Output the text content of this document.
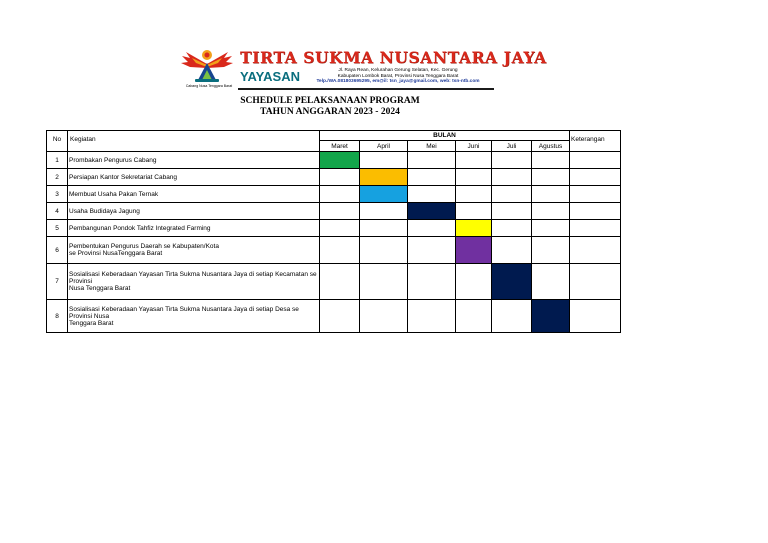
Cabang Nusa Tenggara Barat
TIRTA SUKMA NUSANTARA JAYA
YAYASAN	Jl. Raya Rean, Kelurahan Gerung Selatan, Kec. Gerung
Kabupaten Lombok Barat, Provinsi Nusa Tenggara Barat
Telp./WA.081803695295, em@il: tsn_jaya@gmail.com, web: tsn-ntb.com
SCHEDULE PELAKSANAAN PROGRAM
TAHUN ANGGARAN 2023 - 2024
No	Kegiatan	BULAN						Keterangan

		Maret	April	Mei	Juni	Juli	Agustus	
1	Prombakan Pengurus Cabang							
2	Persiapan Kantor Sekretariat Cabang							
3	Membuat Usaha Pakan Ternak							
4	Usaha Budidaya Jagung							
5	Pembangunan Pondok Tahfiz Integrated Farming							
6	Pembentukan Pengurus Daerah se Kabupaten/Kota
se Provinsi NusaTenggara Barat							

7	Sosialisasi Keberadaan Yayasan Tirta Sukma Nusantara Jaya di setiap Kecamatan se
Provinsi
Nusa Tenggara Barat							

8	Sosialisasi Keberadaan Yayasan Tirta Sukma Nusantara Jaya di setiap Desa se
Provinsi Nusa
Tenggara Barat							
